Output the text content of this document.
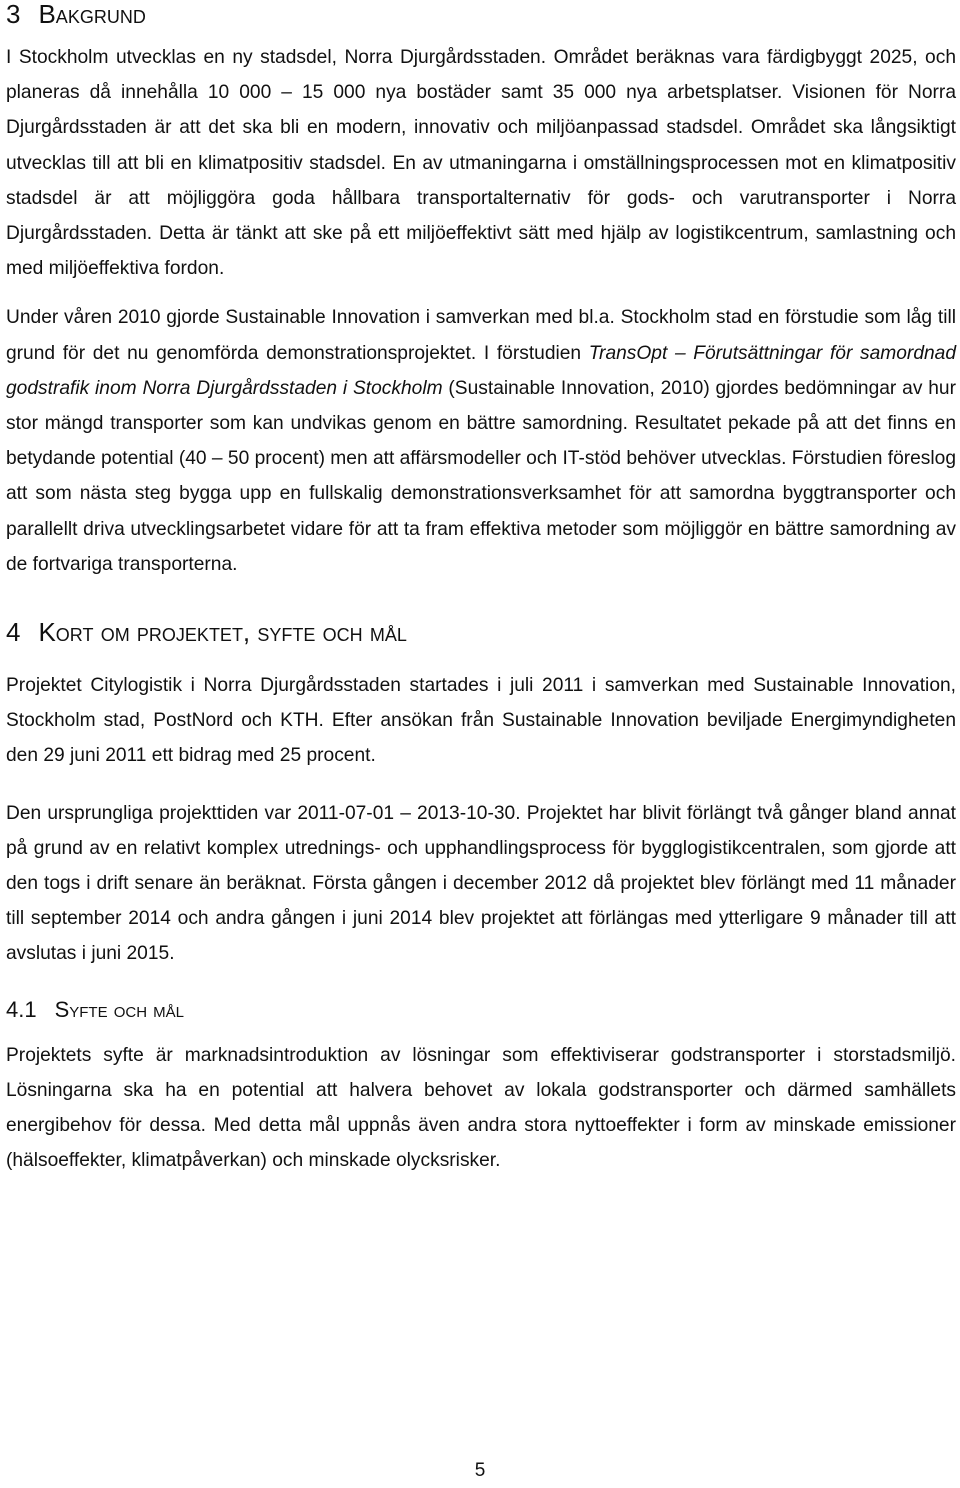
3 Bakgrund

I Stockholm utvecklas en ny stadsdel, Norra Djurgårdsstaden. Området beräknas vara färdigbyggt 2025, och planeras då innehålla 10 000 – 15 000 nya bostäder samt 35 000 nya arbetsplatser. Visionen för Norra Djurgårdsstaden är att det ska bli en modern, innovativ och miljöanpassad stadsdel. Området ska långsiktigt utvecklas till att bli en klimatpositiv stadsdel. En av utmaningarna i omställningsprocessen mot en klimatpositiv stadsdel är att möjliggöra goda hållbara transportalternativ för gods- och varutransporter i Norra Djurgårdsstaden. Detta är tänkt att ske på ett miljöeffektivt sätt med hjälp av logistikcentrum, samlastning och med miljöeffektiva fordon.

Under våren 2010 gjorde Sustainable Innovation i samverkan med bl.a. Stockholm stad en förstudie som låg till grund för det nu genomförda demonstrationsprojektet. I förstudien TransOpt – Förutsättningar för samordnad godstrafik inom Norra Djurgårdsstaden i Stockholm (Sustainable Innovation, 2010) gjordes bedömningar av hur stor mängd transporter som kan undvikas genom en bättre samordning. Resultatet pekade på att det finns en betydande potential (40 – 50 procent) men att affärsmodeller och IT-stöd behöver utvecklas. Förstudien föreslog att som nästa steg bygga upp en fullskalig demonstrationsverksamhet för att samordna byggtransporter och parallellt driva utvecklingsarbetet vidare för att ta fram effektiva metoder som möjliggör en bättre samordning av de fortvariga transporterna.

4 Kort om projektet, syfte och mål

Projektet Citylogistik i Norra Djurgårdsstaden startades i juli 2011 i samverkan med Sustainable Innovation, Stockholm stad, PostNord och KTH. Efter ansökan från Sustainable Innovation beviljade Energimyndigheten den 29 juni 2011 ett bidrag med 25 procent.

Den ursprungliga projekttiden var 2011-07-01 – 2013-10-30. Projektet har blivit förlängt två gånger bland annat på grund av en relativt komplex utrednings- och upphandlingsprocess för bygglogistikcentralen, som gjorde att den togs i drift senare än beräknat. Första gången i december 2012 då projektet blev förlängt med 11 månader till september 2014 och andra gången i juni 2014 blev projektet att förlängas med ytterligare 9 månader till att avslutas i juni 2015.

4.1 Syfte och mål

Projektets syfte är marknadsintroduktion av lösningar som effektiviserar godstransporter i storstadsmiljö. Lösningarna ska ha en potential att halvera behovet av lokala godstransporter och därmed samhällets energibehov för dessa. Med detta mål uppnås även andra stora nyttoeffekter i form av minskade emissioner (hälsoeffekter, klimatpåverkan) och minskade olycksrisker.

5
